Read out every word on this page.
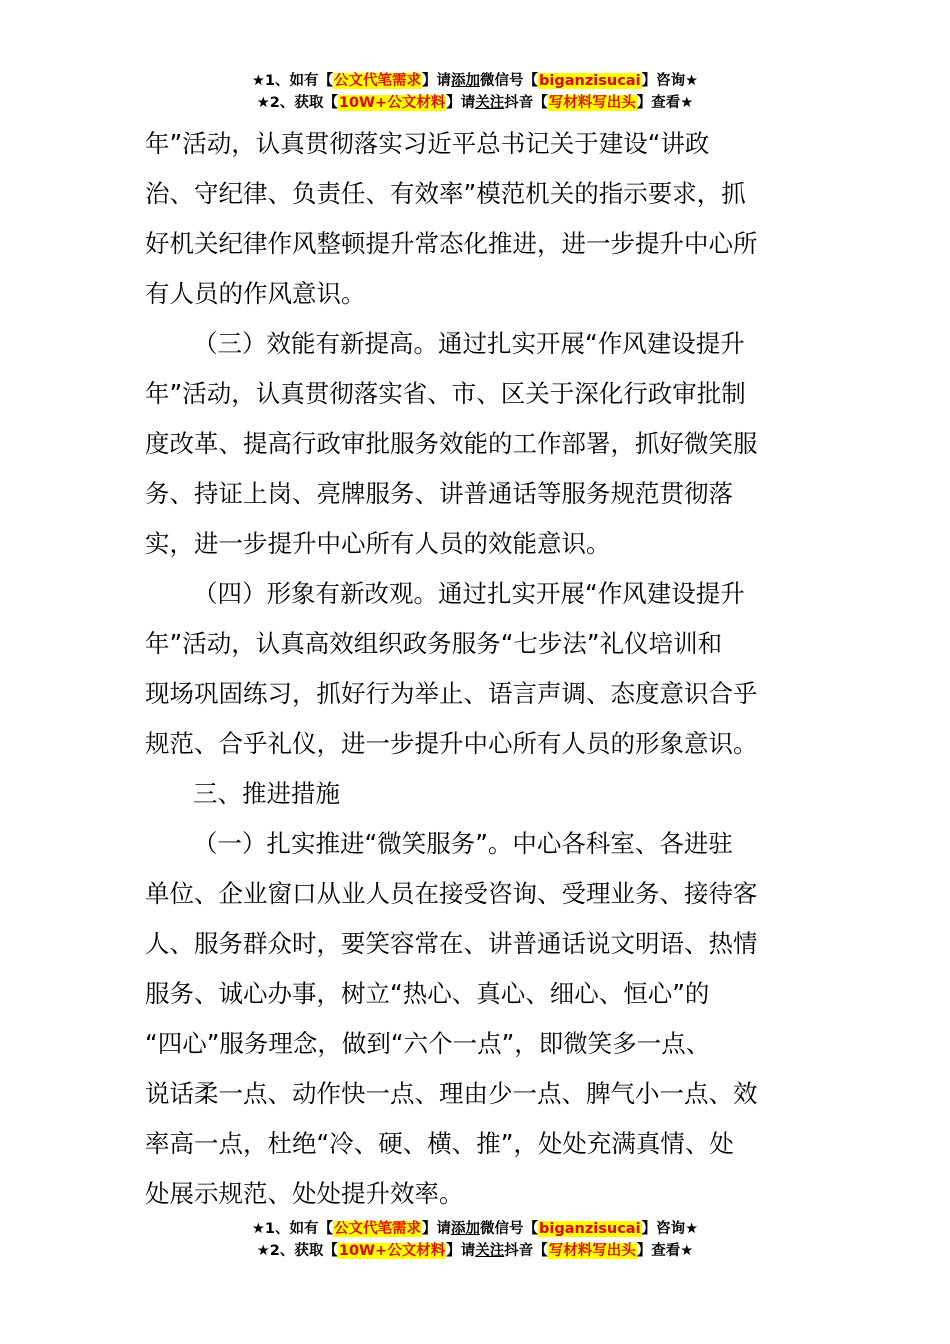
★1、如有【公文代笔需求】请添加微信号【biganzisucai】咨询★
★2、获取【10W+公文材料】请关注抖音【写材料写出头】查看★

年”活动，认真贯彻落实习近平总书记关于建设“讲政

治、守纪律、负责任、有效率”模范机关的指示要求，抓

好机关纪律作风整顿提升常态化推进，进一步提升中心所

有人员的作风意识。

（三）效能有新提高。通过扎实开展“作风建设提升

年”活动，认真贯彻落实省、市、区关于深化行政审批制

度改革、提高行政审批服务效能的工作部署，抓好微笑服

务、持证上岗、亮牌服务、讲普通话等服务规范贯彻落

实，进一步提升中心所有人员的效能意识。

（四）形象有新改观。通过扎实开展“作风建设提升

年”活动，认真高效组织政务服务“七步法”礼仪培训和

现场巩固练习，抓好行为举止、语言声调、态度意识合乎

规范、合乎礼仪，进一步提升中心所有人员的形象意识。

三、推进措施

（一）扎实推进“微笑服务”。中心各科室、各进驻

单位、企业窗口从业人员在接受咨询、受理业务、接待客

人、服务群众时，要笑容常在、讲普通话说文明语、热情

服务、诚心办事，树立“热心、真心、细心、恒心”的

“四心”服务理念，做到“六个一点”，即微笑多一点、

说话柔一点、动作快一点、理由少一点、脾气小一点、效

率高一点，杜绝“冷、硬、横、推”，处处充满真情、处

处展示规范、处处提升效率。

★1、如有【公文代笔需求】请添加微信号【biganzisucai】咨询★
★2、获取【10W+公文材料】请关注抖音【写材料写出头】查看★
